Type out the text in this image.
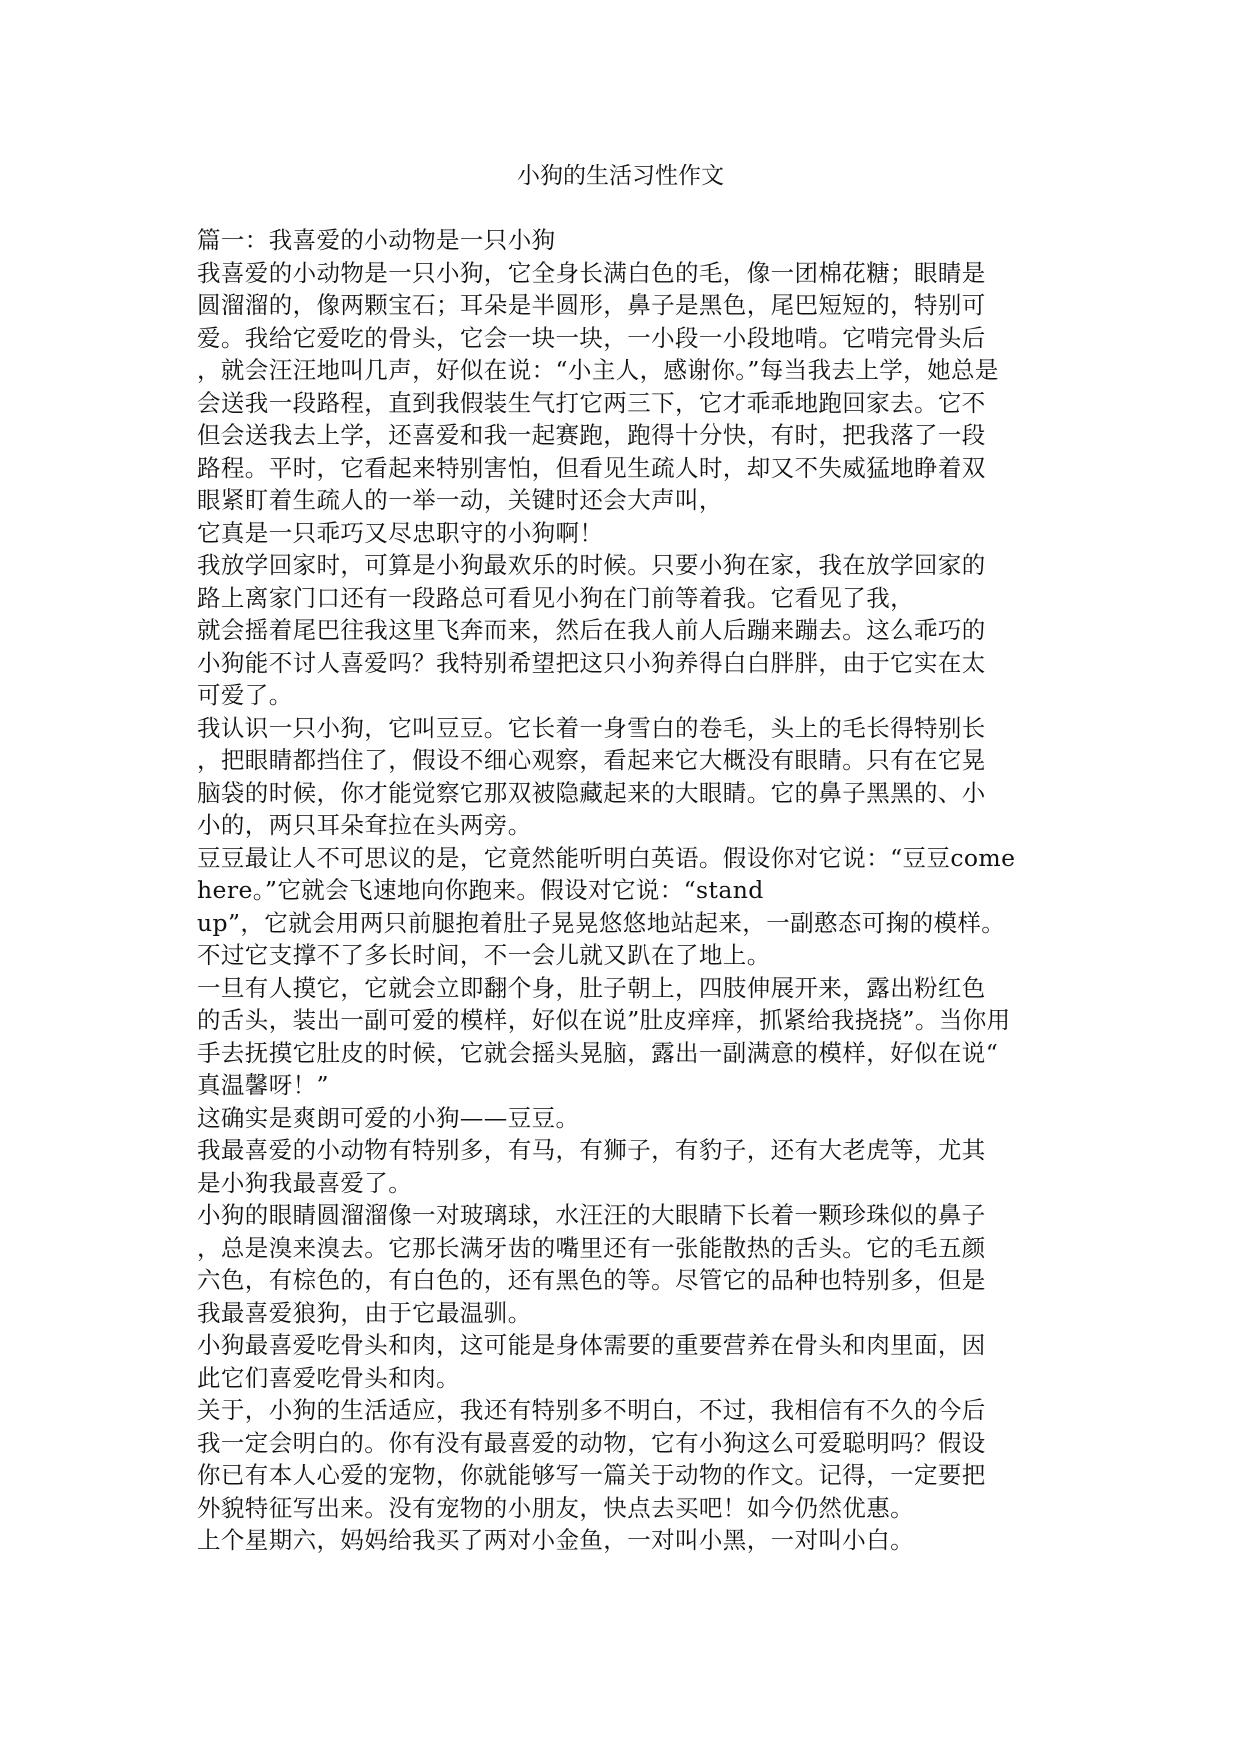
小狗的生活习性作文
篇一：我喜爱的小动物是一只小狗
我喜爱的小动物是一只小狗，它全身长满白色的毛，像一团棉花糖；眼睛是
圆溜溜的，像两颗宝石；耳朵是半圆形，鼻子是黑色，尾巴短短的，特别可
爱。我给它爱吃的骨头，它会一块一块，一小段一小段地啃。它啃完骨头后
，就会汪汪地叫几声，好似在说：“小主人，感谢你。”每当我去上学，她总是
会送我一段路程，直到我假装生气打它两三下，它才乖乖地跑回家去。它不
但会送我去上学，还喜爱和我一起赛跑，跑得十分快，有时，把我落了一段
路程。平时，它看起来特别害怕，但看见生疏人时，却又不失威猛地睁着双
眼紧盯着生疏人的一举一动，关键时还会大声叫，
它真是一只乖巧又尽忠职守的小狗啊！
我放学回家时，可算是小狗最欢乐的时候。只要小狗在家，我在放学回家的
路上离家门口还有一段路总可看见小狗在门前等着我。它看见了我，
就会摇着尾巴往我这里飞奔而来，然后在我人前人后蹦来蹦去。这么乖巧的
小狗能不讨人喜爱吗？我特别希望把这只小狗养得白白胖胖，由于它实在太
可爱了。
我认识一只小狗，它叫豆豆。它长着一身雪白的卷毛，头上的毛长得特别长
，把眼睛都挡住了，假设不细心观察，看起来它大概没有眼睛。只有在它晃
脑袋的时候，你才能觉察它那双被隐藏起来的大眼睛。它的鼻子黑黑的、小
小的，两只耳朵耷拉在头两旁。
豆豆最让人不可思议的是，它竟然能听明白英语。假设你对它说：“豆豆come
here。”它就会飞速地向你跑来。假设对它说：“stand
up”，它就会用两只前腿抱着肚子晃晃悠悠地站起来，一副憨态可掬的模样。
不过它支撑不了多长时间，不一会儿就又趴在了地上。
一旦有人摸它，它就会立即翻个身，肚子朝上，四肢伸展开来，露出粉红色
的舌头，装出一副可爱的模样，好似在说”肚皮痒痒，抓紧给我挠挠”。当你用
手去抚摸它肚皮的时候，它就会摇头晃脑，露出一副满意的模样，好似在说“
真温馨呀！”
这确实是爽朗可爱的小狗——豆豆。
我最喜爱的小动物有特别多，有马，有狮子，有豹子，还有大老虎等，尤其
是小狗我最喜爱了。
小狗的眼睛圆溜溜像一对玻璃球，水汪汪的大眼睛下长着一颗珍珠似的鼻子
，总是溴来溴去。它那长满牙齿的嘴里还有一张能散热的舌头。它的毛五颜
六色，有棕色的，有白色的，还有黑色的等。尽管它的品种也特别多，但是
我最喜爱狼狗，由于它最温驯。
小狗最喜爱吃骨头和肉，这可能是身体需要的重要营养在骨头和肉里面，因
此它们喜爱吃骨头和肉。
关于，小狗的生活适应，我还有特别多不明白，不过，我相信有不久的今后
我一定会明白的。你有没有最喜爱的动物，它有小狗这么可爱聪明吗？假设
你已有本人心爱的宠物，你就能够写一篇关于动物的作文。记得，一定要把
外貌特征写出来。没有宠物的小朋友，快点去买吧！如今仍然优惠。
上个星期六，妈妈给我买了两对小金鱼，一对叫小黑，一对叫小白。
